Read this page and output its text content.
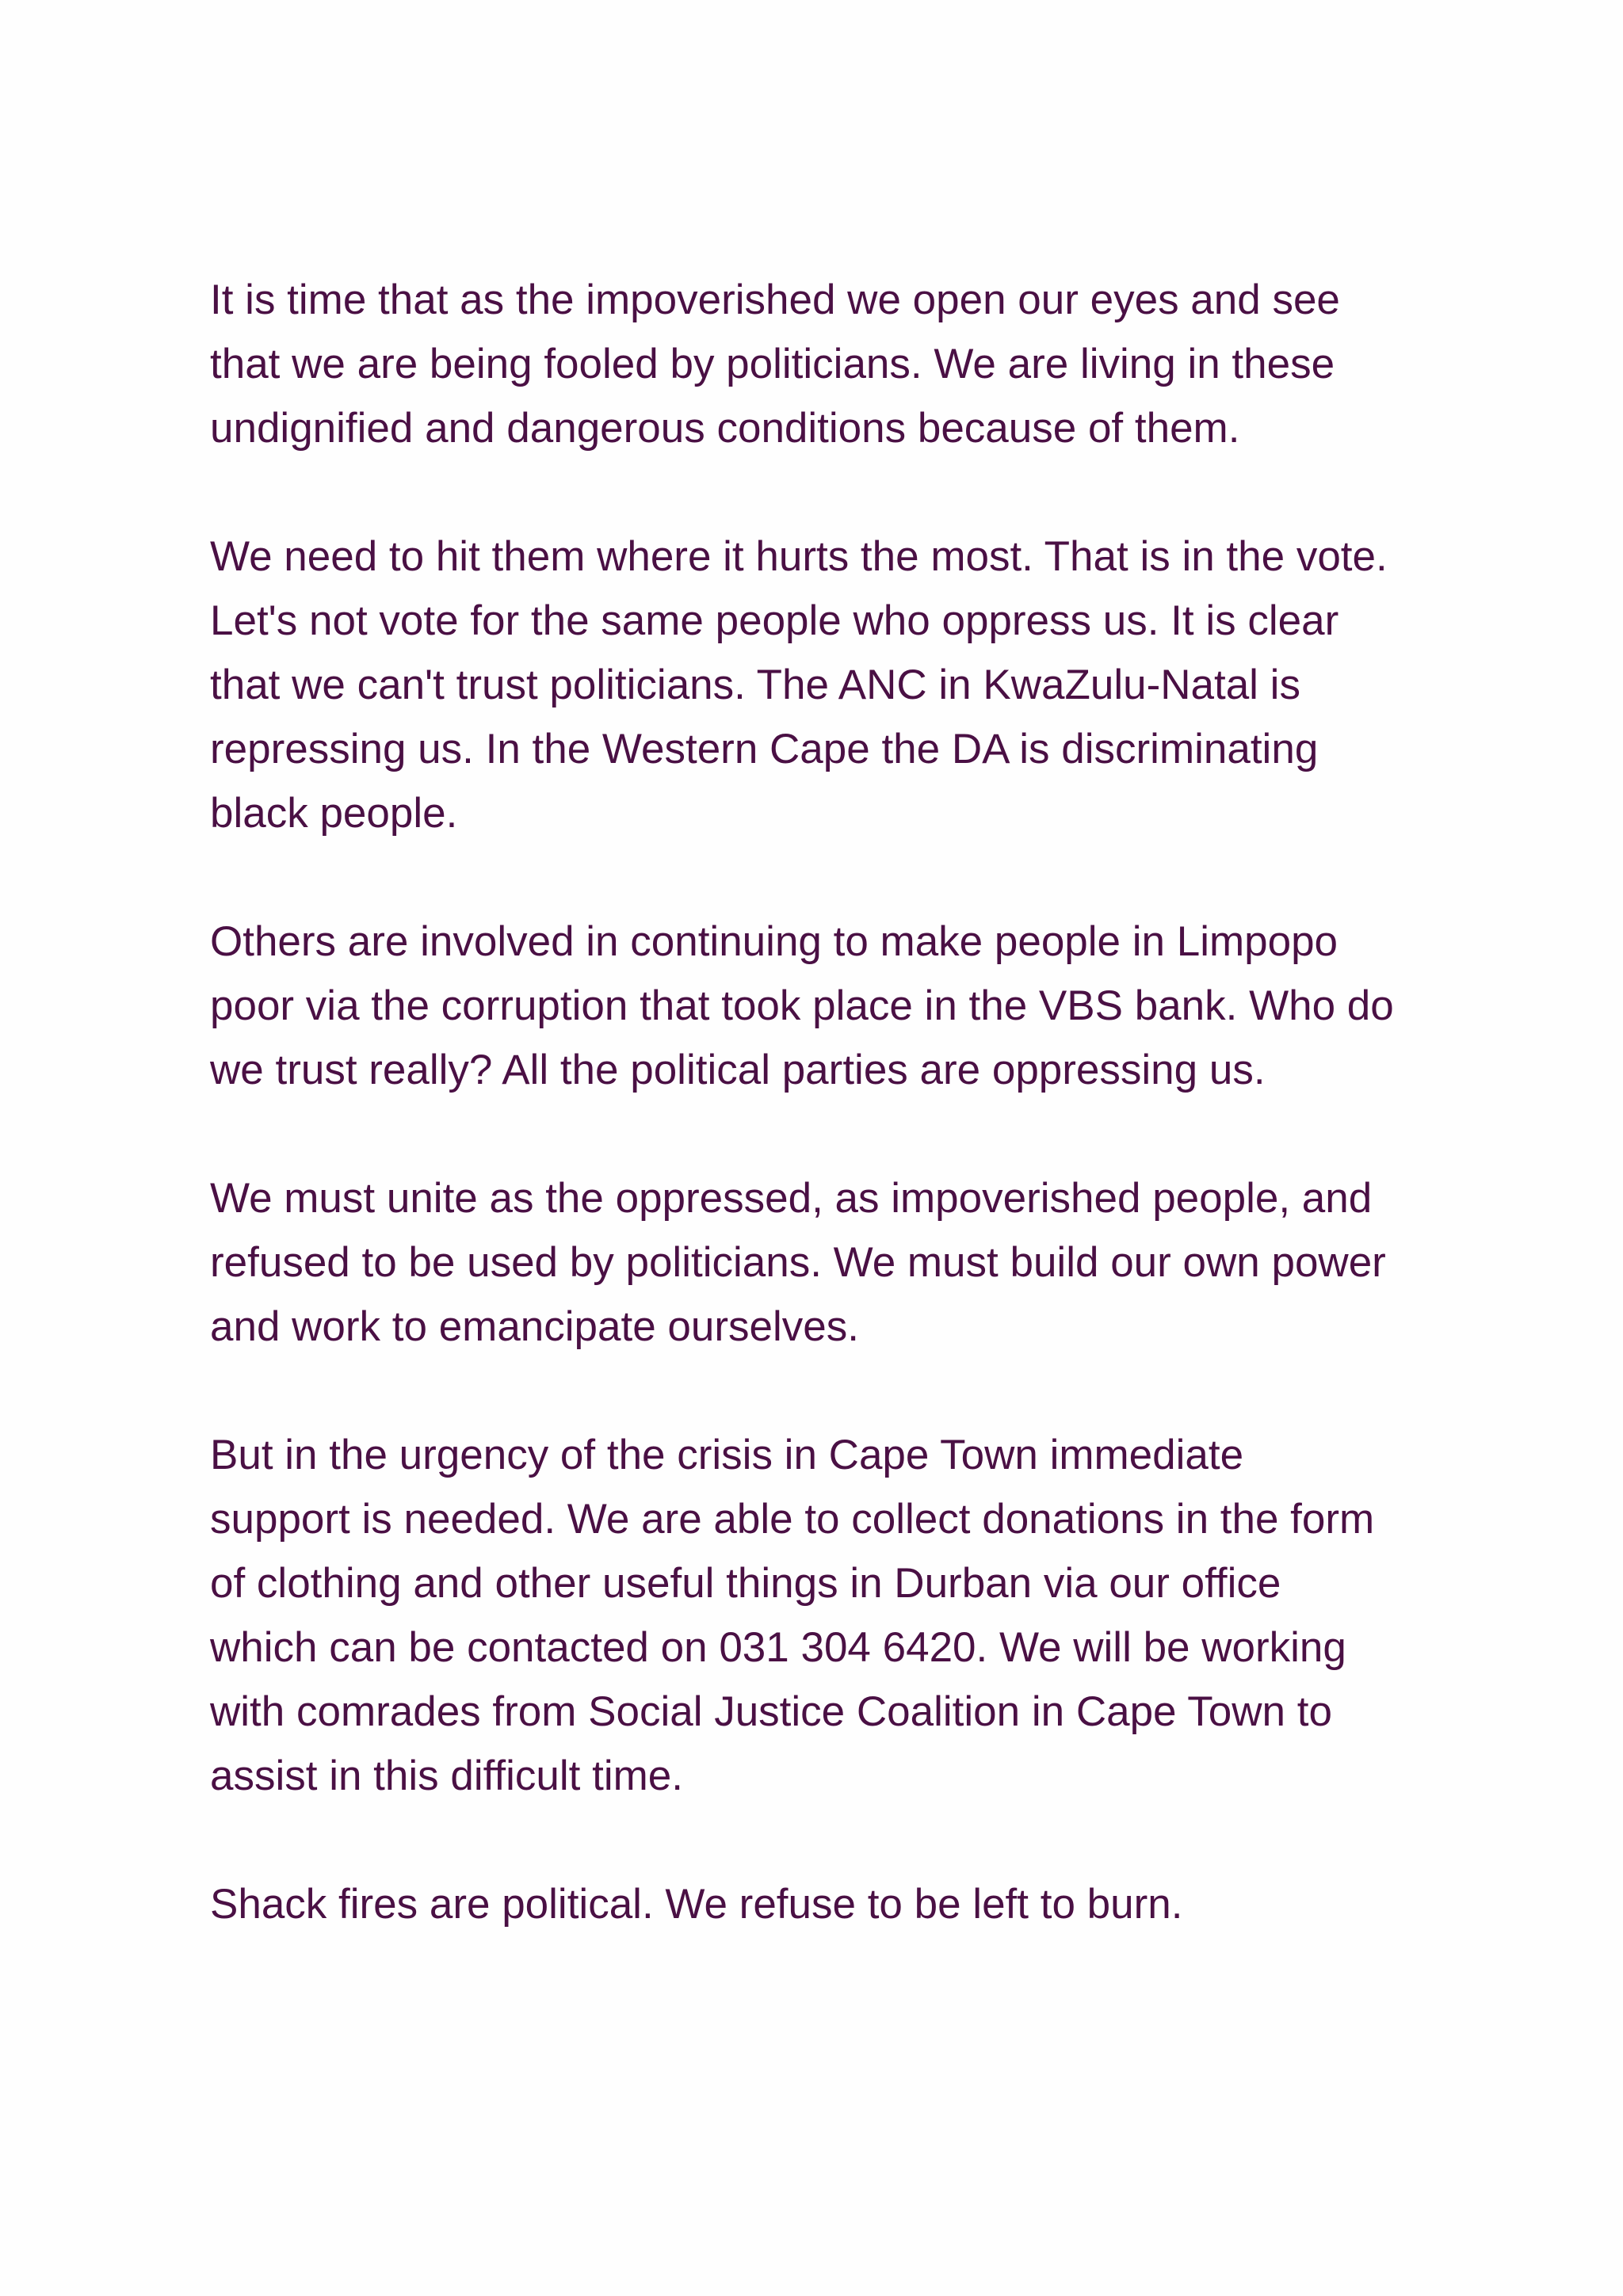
It is time that as the impoverished we open our eyes and see
that we are being fooled by politicians. We are living in these
undignified and dangerous conditions because of them.

We need to hit them where it hurts the most. That is in the vote.
Let's not vote for the same people who oppress us. It is clear
that we can't trust politicians. The ANC in KwaZulu-Natal is
repressing us. In the Western Cape the DA is discriminating
black people.

Others are involved in continuing to make people in Limpopo
poor via the corruption that took place in the VBS bank. Who do
we trust really? All the political parties are oppressing us.

We must unite as the oppressed, as impoverished people, and
refused to be used by politicians. We must build our own power
and work to emancipate ourselves.

But in the urgency of the crisis in Cape Town immediate
support is needed. We are able to collect donations in the form
of clothing and other useful things in Durban via our office
which can be contacted on 031 304 6420. We will be working
with comrades from Social Justice Coalition in Cape Town to
assist in this difficult time.

Shack fires are political. We refuse to be left to burn.
